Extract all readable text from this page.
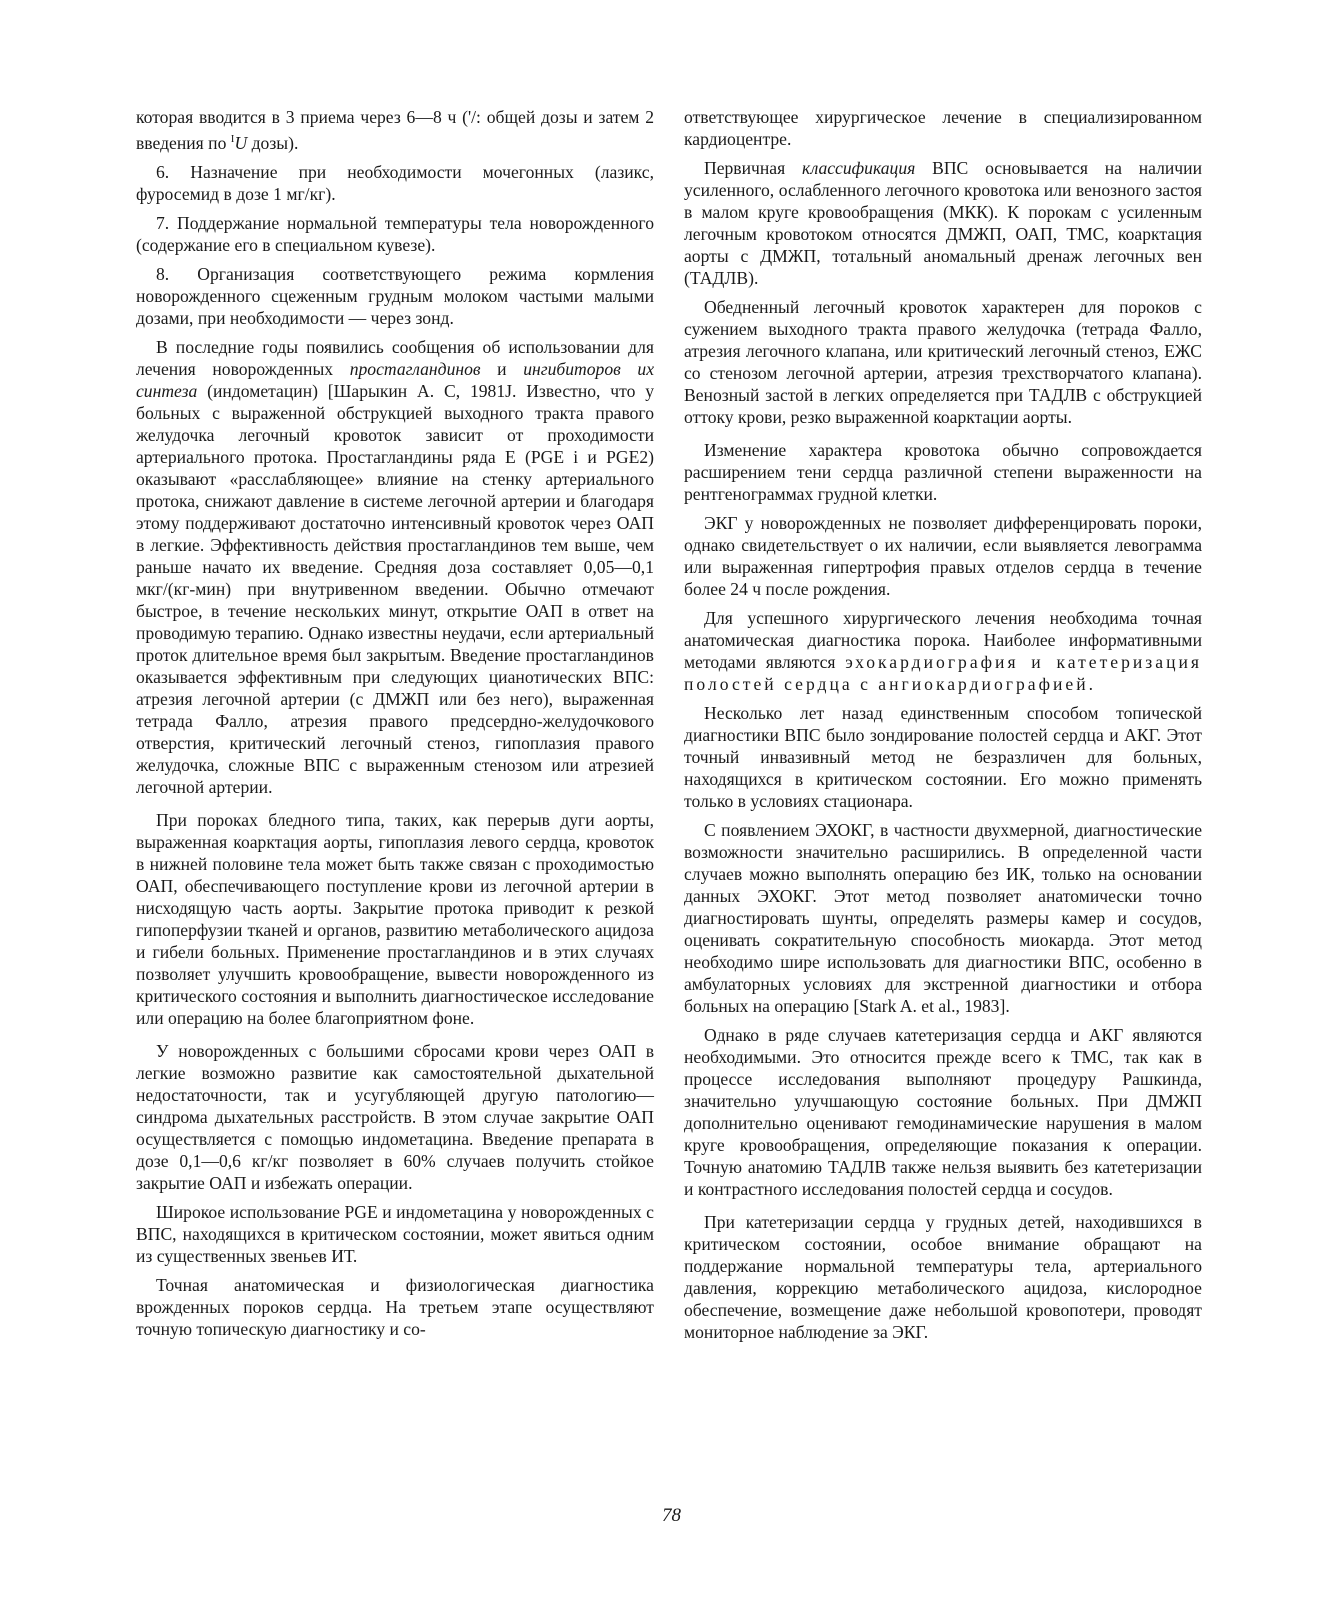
которая вводится в 3 приема через 6—8 ч ('/: общей дозы и затем 2 введения по $^I$U дозы).

6. Назначение при необходимости мочегонных (лазикс, фуросемид в дозе 1 мг/кг).

7. Поддержание нормальной температуры тела новорожденного (содержание его в специальном кувезе).

8. Организация соответствующего режима кормления новорожденного сцеженным грудным молоком частыми малыми дозами, при необходимости — через зонд.

В последние годы появились сообщения об использовании для лечения новорожденных простагландинов и ингибиторов их синтеза (индометацин) [Шарыкин А. С, 1981J. Известно, что у больных с выраженной обструкцией выходного тракта правого желудочка легочный кровоток зависит от проходимости артериального протока. Простагландины ряда Е (PGE i и PGE2) оказывают «расслабляющее» влияние на стенку артериального протока, снижают давление в системе легочной артерии и благодаря этому поддерживают достаточно интенсивный кровоток через ОАП в легкие. Эффективность действия простагландинов тем выше, чем раньше начато их введение. Средняя доза составляет 0,05—0,1 мкг/(кг-мин) при внутривенном введении. Обычно отмечают быстрое, в течение нескольких минут, открытие ОАП в ответ на проводимую терапию. Однако известны неудачи, если артериальный проток длительное время был закрытым. Введение простагландинов оказывается эффективным при следующих цианотических ВПС: атрезия легочной артерии (с ДМЖП или без него), выраженная тетрада Фалло, атрезия правого предсердно-желудочкового отверстия, критический легочный стеноз, гипоплазия правого желудочка, сложные ВПС с выраженным стенозом или атрезией легочной артерии.

При пороках бледного типа, таких, как перерыв дуги аорты, выраженная коарктация аорты, гипоплазия левого сердца, кровоток в нижней половине тела может быть также связан с проходимостью ОАП, обеспечивающего поступление крови из легочной артерии в нисходящую часть аорты. Закрытие протока приводит к резкой гипоперфузии тканей и органов, развитию метаболического ацидоза и гибели больных. Применение простагландинов и в этих случаях позволяет улучшить кровообращение, вывести новорожденного из критического состояния и выполнить диагностическое исследование или операцию на более благоприятном фоне.

У новорожденных с большими сбросами крови через ОАП в легкие возможно развитие как самостоятельной дыхательной недостаточности, так и усугубляющей другую патологию—синдрома дыхательных расстройств. В этом случае закрытие ОАП осуществляется с помощью индометацина. Введение препарата в дозе 0,1—0,6 кг/кг позволяет в 60% случаев получить стойкое закрытие ОАП и избежать операции.

Широкое использование PGE и индометацина у новорожденных с ВПС, находящихся в критическом состоянии, может явиться одним из существенных звеньев ИТ.

Точная анатомическая и физиологическая диагностика врожденных пороков сердца. На третьем этапе осуществляют точную топическую диагностику и со-

ответствующее хирургическое лечение в специализированном кардиоцентре.

Первичная классификация ВПС основывается на наличии усиленного, ослабленного легочного кровотока или венозного застоя в малом круге кровообращения (МКК). К порокам с усиленным легочным кровотоком относятся ДМЖП, ОАП, ТМС, коарктация аорты с ДМЖП, тотальный аномальный дренаж легочных вен (ТАДЛВ).

Обедненный легочный кровоток характерен для пороков с сужением выходного тракта правого желудочка (тетрада Фалло, атрезия легочного клапана, или критический легочный стеноз, ЕЖС со стенозом легочной артерии, атрезия трехстворчатого клапана). Венозный застой в легких определяется при ТАДЛВ с обструкцией оттоку крови, резко выраженной коарктации аорты.

Изменение характера кровотока обычно сопровождается расширением тени сердца различной степени выраженности на рентгенограммах грудной клетки.

ЭКГ у новорожденных не позволяет дифференцировать пороки, однако свидетельствует о их наличии, если выявляется левограмма или выраженная гипертрофия правых отделов сердца в течение более 24 ч после рождения.

Для успешного хирургического лечения необходима точная анатомическая диагностика порока. Наиболее информативными методами являются эхокардиография и катетеризация полостей сердца с ангиокардиографией.

Несколько лет назад единственным способом топической диагностики ВПС было зондирование полостей сердца и АКГ. Этот точный инвазивный метод не безразличен для больных, находящихся в критическом состоянии. Его можно применять только в условиях стационара.

С появлением ЭХОКГ, в частности двухмерной, диагностические возможности значительно расширились. В определенной части случаев можно выполнять операцию без ИК, только на основании данных ЭХОКГ. Этот метод позволяет анатомически точно диагностировать шунты, определять размеры камер и сосудов, оценивать сократительную способность миокарда. Этот метод необходимо шире использовать для диагностики ВПС, особенно в амбулаторных условиях для экстренной диагностики и отбора больных на операцию [Stark A. et al., 1983].

Однако в ряде случаев катетеризация сердца и АКГ являются необходимыми. Это относится прежде всего к ТМС, так как в процессе исследования выполняют процедуру Рашкинда, значительно улучшающую состояние больных. При ДМЖП дополнительно оценивают гемодинамические нарушения в малом круге кровообращения, определяющие показания к операции. Точную анатомию ТАДЛВ также нельзя выявить без катетеризации и контрастного исследования полостей сердца и сосудов.

При катетеризации сердца у грудных детей, находившихся в критическом состоянии, особое внимание обращают на поддержание нормальной температуры тела, артериального давления, коррекцию метаболического ацидоза, кислородное обеспечение, возмещение даже небольшой кровопотери, проводят мониторное наблюдение за ЭКГ.

78
